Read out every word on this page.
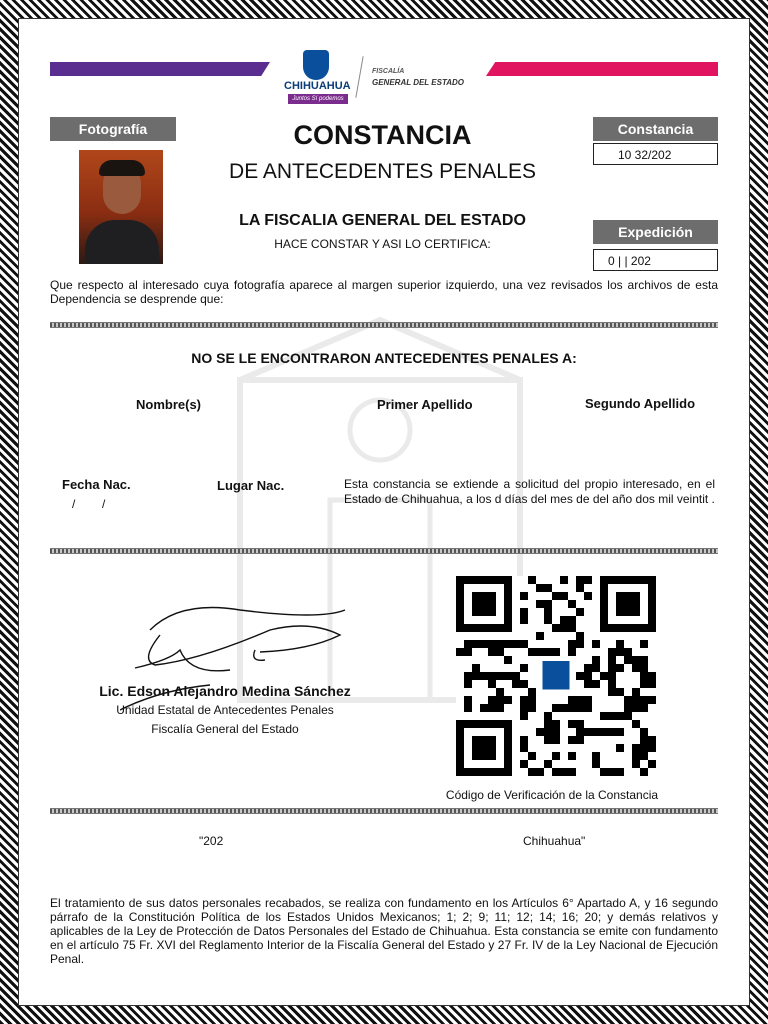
CHIHUAHUA
Juntos Sí podemos
FISCALÍA
GENERAL DEL ESTADO
Fotografía	CONSTANCIA
DE ANTECEDENTES PENALES
LA FISCALIA GENERAL DEL ESTADO
HACE CONSTAR Y ASI LO CERTIFICA:
Constancia
10 32/202
Expedición
0 | | 202
Que respecto al interesado cuya fotografía aparece al margen superior izquierdo, una vez revisados los archivos de esta Dependencia se desprende que:
NO SE LE ENCONTRARON ANTECEDENTES PENALES A:
Nombre(s)	Primer Apellido	Segundo Apellido
Fecha Nac.
/        /
Lugar Nac.	Esta constancia se extiende a solicitud del propio interesado, en el Estado de Chihuahua, a los d días del mes de del año dos mil veintit .
Lic. Edson Alejandro Medina Sánchez
Unidad Estatal de Antecedentes Penales
Fiscalía General del Estado
Código de Verificación de la Constancia
"202	Chihuahua"
El tratamiento de sus datos personales recabados, se realiza con fundamento en los Artículos 6° Apartado A, y 16 segundo párrafo de la Constitución Política de los Estados Unidos Mexicanos; 1; 2; 9; 11; 12; 14; 16; 20; y demás relativos y aplicables de la Ley de Protección de Datos Personales del Estado de Chihuahua. Esta constancia se emite con fundamento en el artículo 75 Fr. XVI del Reglamento Interior de la Fiscalía General del Estado y 27 Fr. IV de la Ley Nacional de Ejecución Penal.
